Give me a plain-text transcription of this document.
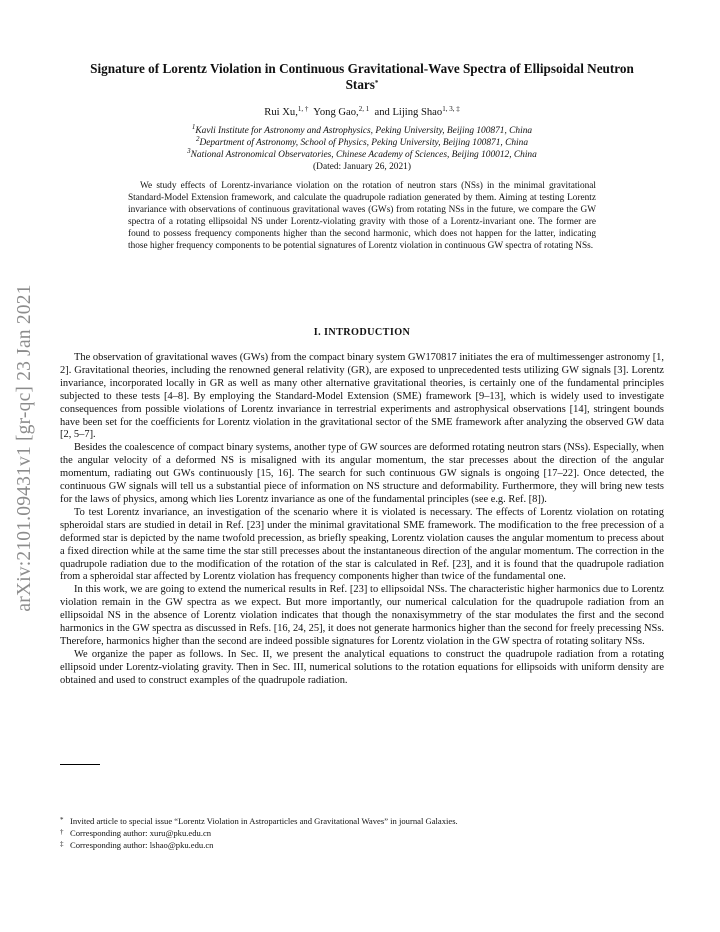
arXiv:2101.09431v1 [gr-qc] 23 Jan 2021
Signature of Lorentz Violation in Continuous Gravitational-Wave Spectra of Ellipsoidal Neutron Stars*
Rui Xu,$^{1, \dagger}$ Yong Gao,$^{2, 1}$ and Lijing Shao$^{1, 3, \ddagger}$
$^1$Kavli Institute for Astronomy and Astrophysics, Peking University, Beijing 100871, China
$^2$Department of Astronomy, School of Physics, Peking University, Beijing 100871, China
$^3$National Astronomical Observatories, Chinese Academy of Sciences, Beijing 100012, China
(Dated: January 26, 2021)

We study effects of Lorentz-invariance violation on the rotation of neutron stars (NSs) in the minimal gravitational Standard-Model Extension framework, and calculate the quadrupole radiation generated by them. Aiming at testing Lorentz invariance with observations of continuous gravitational waves (GWs) from rotating NSs in the future, we compare the GW spectra of a rotating ellipsoidal NS under Lorentz-violating gravity with those of a Lorentz-invariant one. The former are found to possess frequency components higher than the second harmonic, which does not happen for the latter, indicating those higher frequency components to be potential signatures of Lorentz violation in continuous GW spectra of rotating NSs.

I. INTRODUCTION

The observation of gravitational waves (GWs) from the compact binary system GW170817 initiates the era of multimessenger astronomy [1, 2]. Gravitational theories, including the renowned general relativity (GR), are exposed to unprecedented tests utilizing GW signals [3]. Lorentz invariance, incorporated locally in GR as well as many other alternative gravitational theories, is certainly one of the fundamental principles subjected to these tests [4–8]. By employing the Standard-Model Extension (SME) framework [9–13], which is widely used to investigate consequences from possible violations of Lorentz invariance in terrestrial experiments and astrophysical observations [14], stringent bounds have been set for the coefficients for Lorentz violation in the gravitational sector of the SME framework after analyzing the observed GW data [2, 5–7].

Besides the coalescence of compact binary systems, another type of GW sources are deformed rotating neutron stars (NSs). Especially, when the angular velocity of a deformed NS is misaligned with its angular momentum, the star precesses about the direction of the angular momentum, radiating out GWs continuously [15, 16]. The search for such continuous GW signals is ongoing [17–22]. Once detected, the continuous GW signals will tell us a substantial piece of information on NS structure and deformability. Furthermore, they will bring new tests for the laws of physics, among which lies Lorentz invariance as one of the fundamental principles (see e.g. Ref. [8]).

To test Lorentz invariance, an investigation of the scenario where it is violated is necessary. The effects of Lorentz violation on rotating spheroidal stars are studied in detail in Ref. [23] under the minimal gravitational SME framework. The modification to the free precession of a deformed star is depicted by the name twofold precession, as briefly speaking, Lorentz violation causes the angular momentum to precess about a fixed direction while at the same time the star still precesses about the instantaneous direction of the angular momentum. The correction in the quadrupole radiation due to the modification of the rotation of the star is calculated in Ref. [23], and it is found that the quadrupole radiation from a spheroidal star affected by Lorentz violation has frequency components higher than twice of the fundamental one.

In this work, we are going to extend the numerical results in Ref. [23] to ellipsoidal NSs. The characteristic higher harmonics due to Lorentz violation remain in the GW spectra as we expect. But more importantly, our numerical calculation for the quadrupole radiation from an ellipsoidal NS in the absence of Lorentz violation indicates that though the nonaxisymmetry of the star modulates the first and the second harmonics in the GW spectra as discussed in Refs. [16, 24, 25], it does not generate harmonics higher than the second for freely precessing NSs. Therefore, harmonics higher than the second are indeed possible signatures for Lorentz violation in the GW spectra of rotating solitary NSs.

We organize the paper as follows. In Sec. II, we present the analytical equations to construct the quadrupole radiation from a rotating ellipsoid under Lorentz-violating gravity. Then in Sec. III, numerical solutions to the rotation equations for ellipsoids with uniform density are obtained and used to construct examples of the quadrupole radiation.

* Invited article to special issue “Lorentz Violation in Astroparticles and Gravitational Waves” in journal Galaxies.
† Corresponding author: xuru@pku.edu.cn
‡ Corresponding author: lshao@pku.edu.cn
